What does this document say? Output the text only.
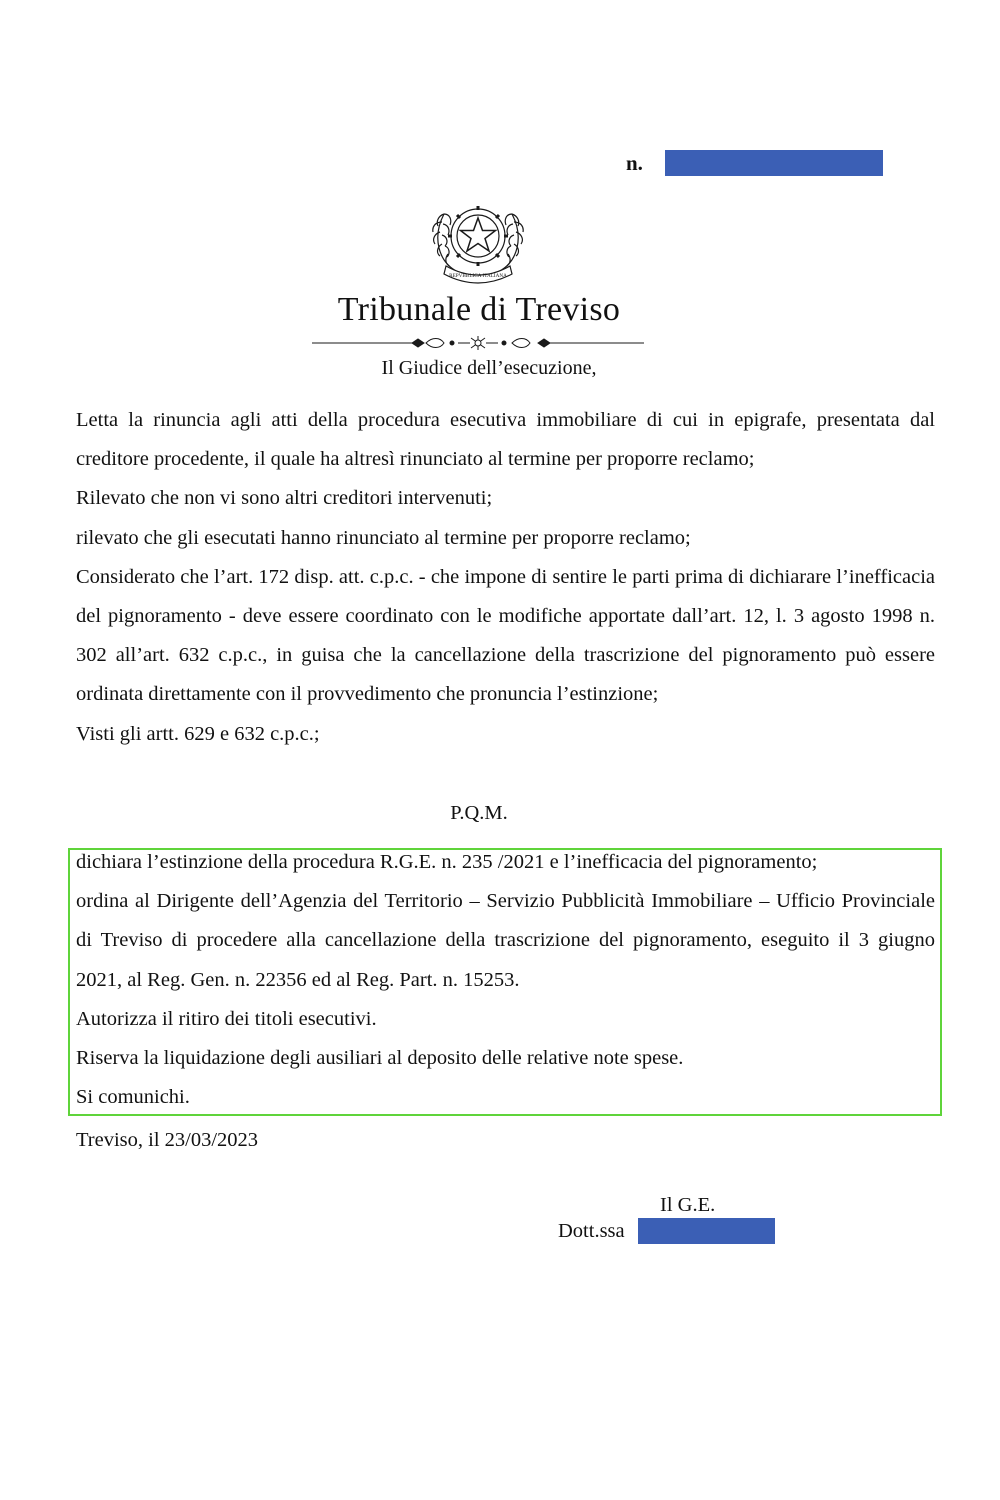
n.
REPVBBLICA ITALIANA
Tribunale di Treviso
Il Giudice dell’esecuzione,

Letta la rinuncia agli atti della procedura esecutiva immobiliare di cui in epigrafe, presentata dal creditore procedente, il quale ha altresì rinunciato al termine per proporre reclamo;

Rilevato che non vi sono altri creditori intervenuti;

rilevato che gli esecutati hanno rinunciato al termine per proporre reclamo;

Considerato che l’art. 172 disp. att. c.p.c. - che impone di sentire le parti prima di dichiarare l’inefficacia del pignoramento - deve essere coordinato con le modifiche apportate dall’art. 12, l. 3 agosto 1998 n. 302 all’art. 632 c.p.c., in guisa che la cancellazione della trascrizione del pignoramento può essere ordinata direttamente con il provvedimento che pronuncia l’estinzione;

Visti gli artt. 629 e 632 c.p.c.;

P.Q.M.

dichiara l’estinzione della procedura R.G.E. n. 235 /2021 e l’inefficacia del pignoramento;

ordina al Dirigente dell’Agenzia del Territorio – Servizio Pubblicità Immobiliare – Ufficio Provinciale di Treviso di procedere alla cancellazione della trascrizione del pignoramento, eseguito il 3 giugno 2021, al Reg. Gen. n. 22356 ed al Reg. Part. n. 15253.

Autorizza il ritiro dei titoli esecutivi.

Riserva la liquidazione degli ausiliari al deposito delle relative note spese.

Si comunichi.

Treviso, il 23/03/2023
Il G.E.
Dott.ssa
